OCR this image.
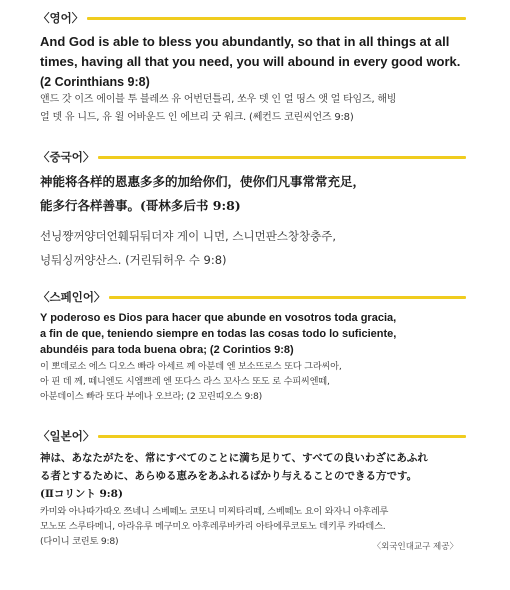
〈영어〉
And God is able to bless you abundantly, so that in all things at all
times, having all that you need, you will abound in every good work.
(2 Corinthians 9:8)
앤드 갓 이즈 에이블 투 블레쓰 유 어번던틀리, 쏘우 뎃 인 얼 띵스 앳 얼 타임즈, 해빙
얼 뎃 유 니드, 유 윌 어바운드 인 에브리 굿 워크. (쎄컨드 코린씨언즈 9:8)
〈중국어〉
神能将各样的恩惠多多的加给你们，使你们凡事常常充足，
能多行各样善事。(哥林多后书 9:8)
선닝쨩꺼양더언훼뒤둬더쟈 게이 니먼, 스니먼판스창창충주,
넝둬싱꺼양산스. (거린둬허우 수 9:8)
〈스페인어〉
Y poderoso es Dios para hacer que abunde en vosotros toda gracia,
a fin de que, teniendo siempre en todas las cosas todo lo suficiente,
abundéis para toda buena obra; (2 Corintios 9:8)
이 뽀데로소 에스 디오스 빠라 아세르 께 아분데 엔 보소뜨로스 또다 그라씨아,
아 핀 데 께, 떼니엔도 시엠쁘레 엔 또다스 라스 꼬사스 또도 로 수피씨엔떼,
아분데이스 빠라 또다 부에나 오브라; (2 꼬린띠오스 9:8)
〈일본어〉
神は、あなたがたを、常にすべてのことに満ち足りて、すべての良いわざにあふれ
る者とするために、あらゆる恵みをあふれるばかり与えることのできる方です。
(Ⅱコリント 9:8)
카미와 아나따가따오 쯔네니 스베떼노 코또니 미찌타리떼, 스베떼노 요이 와자니 아후레루
모노또 스루타메니, 아라유루 메구미오 아후레루바카리 아타에루코토노 데키루 카따데스.
(다이니 코린토 9:8)	〈외국인대교구 제공〉
